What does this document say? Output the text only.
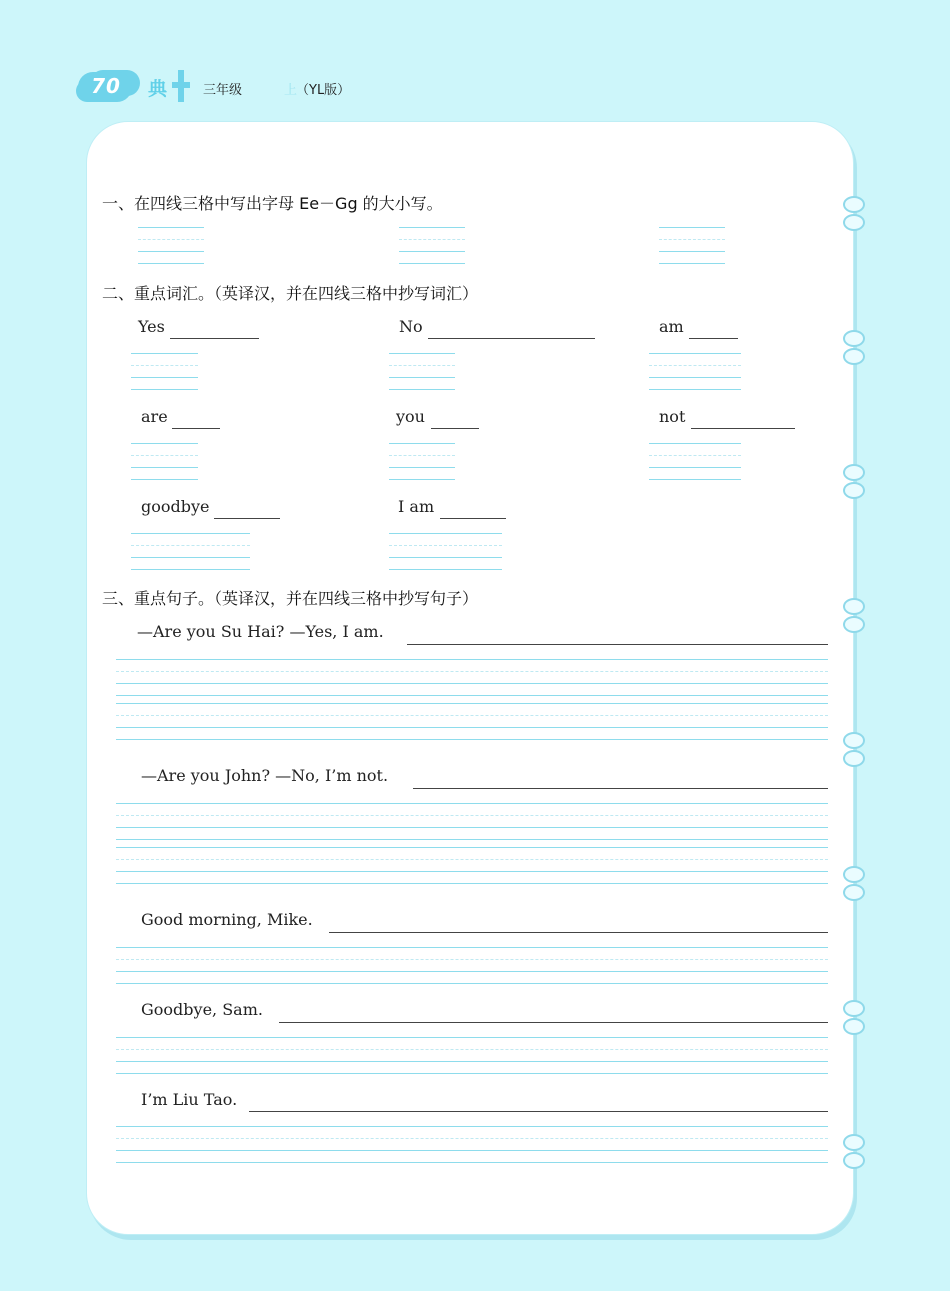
70	典	三年级	上
（YL版）
一、在四线三格中写出字母 Ee－Gg 的大小写。
二、重点词汇。（英译汉，并在四线三格中抄写词汇）
Yes	No	am
are	you	not
goodbye	I am
三、重点句子。（英译汉，并在四线三格中抄写句子）
—Are you Su Hai? —Yes, I am.
—Are you John? —No, I’m not.
Good morning, Mike.
Goodbye, Sam.
I’m Liu Tao.
